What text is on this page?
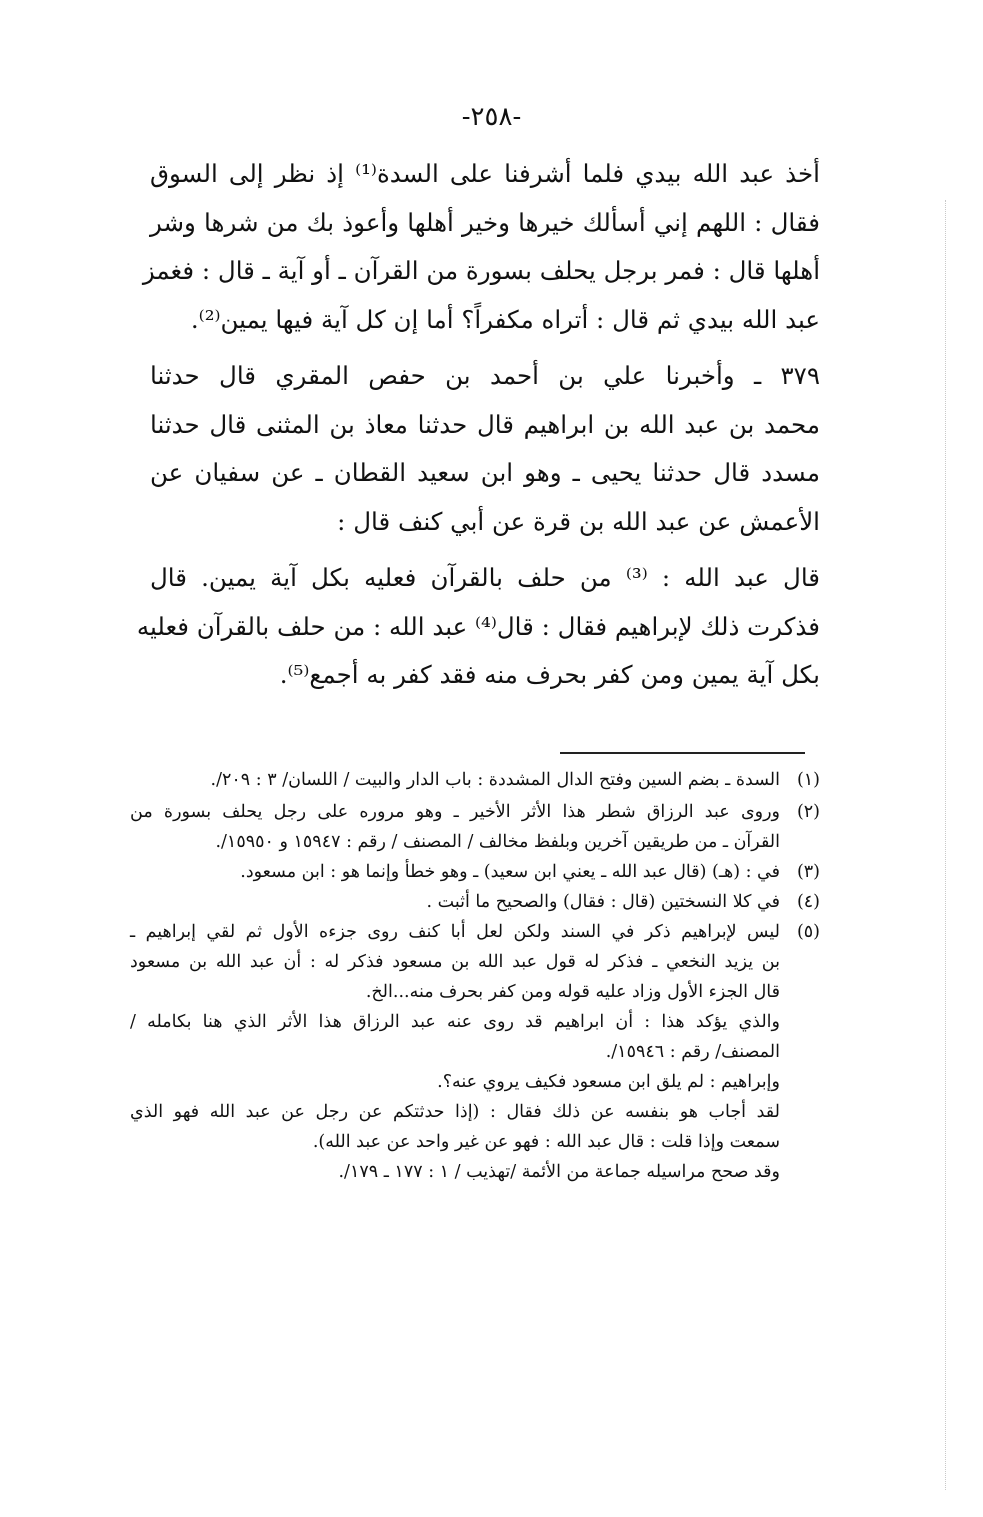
-٢٥٨-

أخذ عبد الله بيدي فلما أشرفنا على السدة⁽¹⁾ إذ نظر إلى السوق
فقال : اللهم إني أسألك خيرها وخير أهلها وأعوذ بك من شرها وشر
أهلها قال : فمر برجل يحلف بسورة من القرآن ـ أو آية ـ قال : فغمز
عبد الله بيدي ثم قال : أتراه مكفراً؟ أما إن كل آية فيها يمين⁽²⁾.

٣٧٩ ـ وأخبرنا علي بن أحمد بن حفص المقري قال حدثنا
محمد بن عبد الله بن ابراهيم قال حدثنا معاذ بن المثنى قال حدثنا
مسدد قال حدثنا يحيى ـ وهو ابن سعيد القطان ـ عن سفيان عن
الأعمش عن عبد الله بن قرة عن أبي كنف قال :

قال عبد الله : ⁽³⁾ من حلف بالقرآن فعليه بكل آية يمين. قال
فذكرت ذلك لإبراهيم فقال : قال⁽⁴⁾ عبد الله : من حلف بالقرآن فعليه
بكل آية يمين ومن كفر بحرف منه فقد كفر به أجمع⁽⁵⁾.

(١)
السدة ـ بضم السين وفتح الدال المشددة : باب الدار والبيت / اللسان/ ٣ : ٢٠٩/.
(٢)
وروى عبد الرزاق شطر هذا الأثر الأخير ـ وهو مروره على رجل يحلف بسورة من
القرآن ـ من طريقين آخرين وبلفظ مخالف / المصنف / رقم : ١٥٩٤٧ و ١٥٩٥٠/.
(٣)
في : (هـ) (قال عبد الله ـ يعني ابن سعيد) ـ وهو خطأ وإنما هو : ابن مسعود.
(٤)
في كلا النسختين (قال : فقال) والصحيح ما أثبت .
(٥)
ليس لإبراهيم ذكر في السند ولكن لعل أبا كنف روى جزءه الأول ثم لقي إبراهيم ـ
بن يزيد النخعي ـ فذكر له قول عبد الله بن مسعود فذكر له : أن عبد الله بن مسعود
قال الجزء الأول وزاد عليه قوله ومن كفر بحرف منه...الخ.
والذي يؤكد هذا : أن ابراهيم قد روى عنه عبد الرزاق هذا الأثر الذي هنا بكامله /
المصنف/ رقم : ١٥٩٤٦/.
وإبراهيم : لم يلق ابن مسعود فكيف يروي عنه؟.
لقد أجاب هو بنفسه عن ذلك فقال : (إذا حدثتكم عن رجل عن عبد الله فهو الذي
سمعت وإذا قلت : قال عبد الله : فهو عن غير واحد عن عبد الله).
وقد صحح مراسيله جماعة من الأئمة /تهذيب / ١ : ١٧٧ ـ ١٧٩/.
